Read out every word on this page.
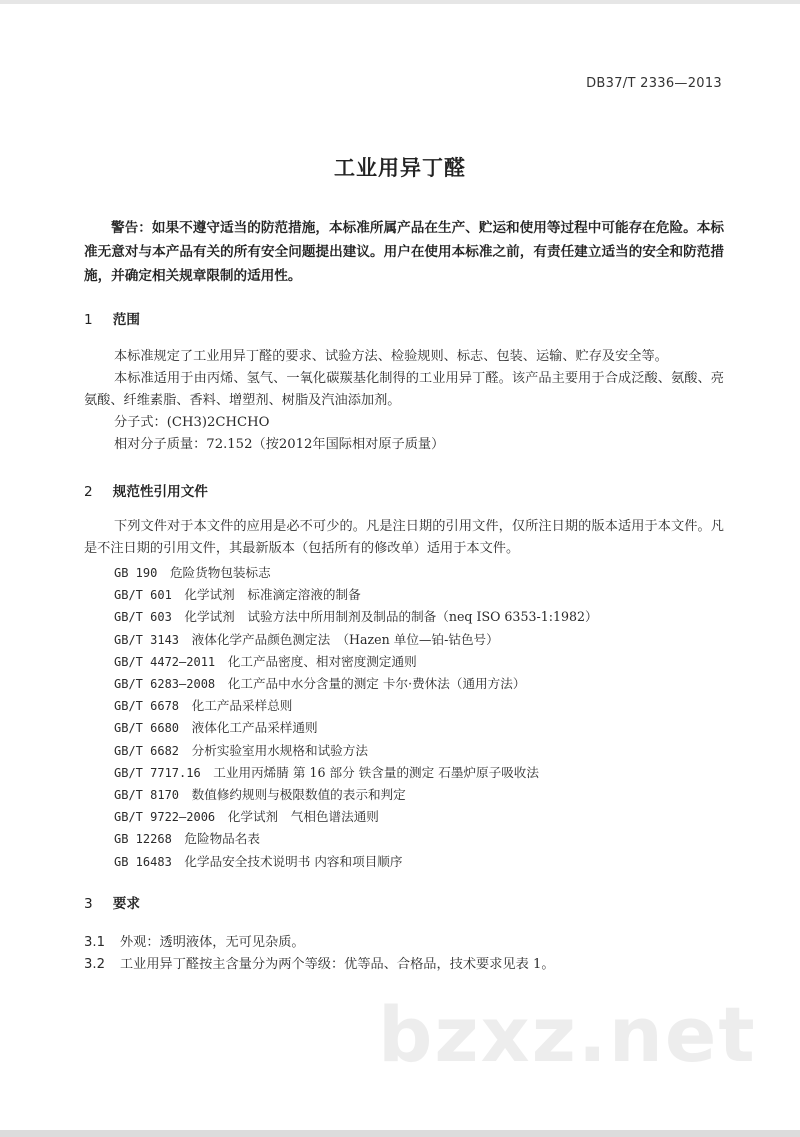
DB37/T 2336—2013
工业用异丁醛
警告：如果不遵守适当的防范措施，本标准所属产品在生产、贮运和使用等过程中可能存在危险。本标准无意对与本产品有关的所有安全问题提出建议。用户在使用本标准之前，有责任建立适当的安全和防范措施，并确定相关规章限制的适用性。
1 范围

本标准规定了工业用异丁醛的要求、试验方法、检验规则、标志、包装、运输、贮存及安全等。

本标准适用于由丙烯、氢气、一氧化碳羰基化制得的工业用异丁醛。该产品主要用于合成泛酸、氨酸、亮氨酸、纤维素脂、香料、增塑剂、树脂及汽油添加剂。

分子式：(CH3)2CHCHO

相对分子质量：72.152（按2012年国际相对原子质量）

2 规范性引用文件

下列文件对于本文件的应用是必不可少的。凡是注日期的引用文件，仅所注日期的版本适用于本文件。凡是不注日期的引用文件，其最新版本（包括所有的修改单）适用于本文件。

GB 190　 危险货物包装标志
GB/T 601　 化学试剂　标准滴定溶液的制备
GB/T 603　 化学试剂　试验方法中所用制剂及制品的制备（neq ISO 6353-1:1982）
GB/T 3143　 液体化学产品颜色测定法　（Hazen 单位—铂-钴色号）
GB/T 4472—2011　 化工产品密度、相对密度测定通则
GB/T 6283—2008　 化工产品中水分含量的测定 卡尔·费休法（通用方法）
GB/T 6678　 化工产品采样总则
GB/T 6680　 液体化工产品采样通则
GB/T 6682　 分析实验室用水规格和试验方法
GB/T 7717.16　 工业用丙烯腈 第 16 部分 铁含量的测定 石墨炉原子吸收法
GB/T 8170　 数值修约规则与极限数值的表示和判定
GB/T 9722—2006　 化学试剂　气相色谱法通则
GB 12268　 危险物品名表
GB 16483　 化学品安全技术说明书 内容和项目顺序
3 要求
3.1 外观：透明液体，无可见杂质。
3.2 工业用异丁醛按主含量分为两个等级：优等品、合格品，技术要求见表 1。
bzxz.net
